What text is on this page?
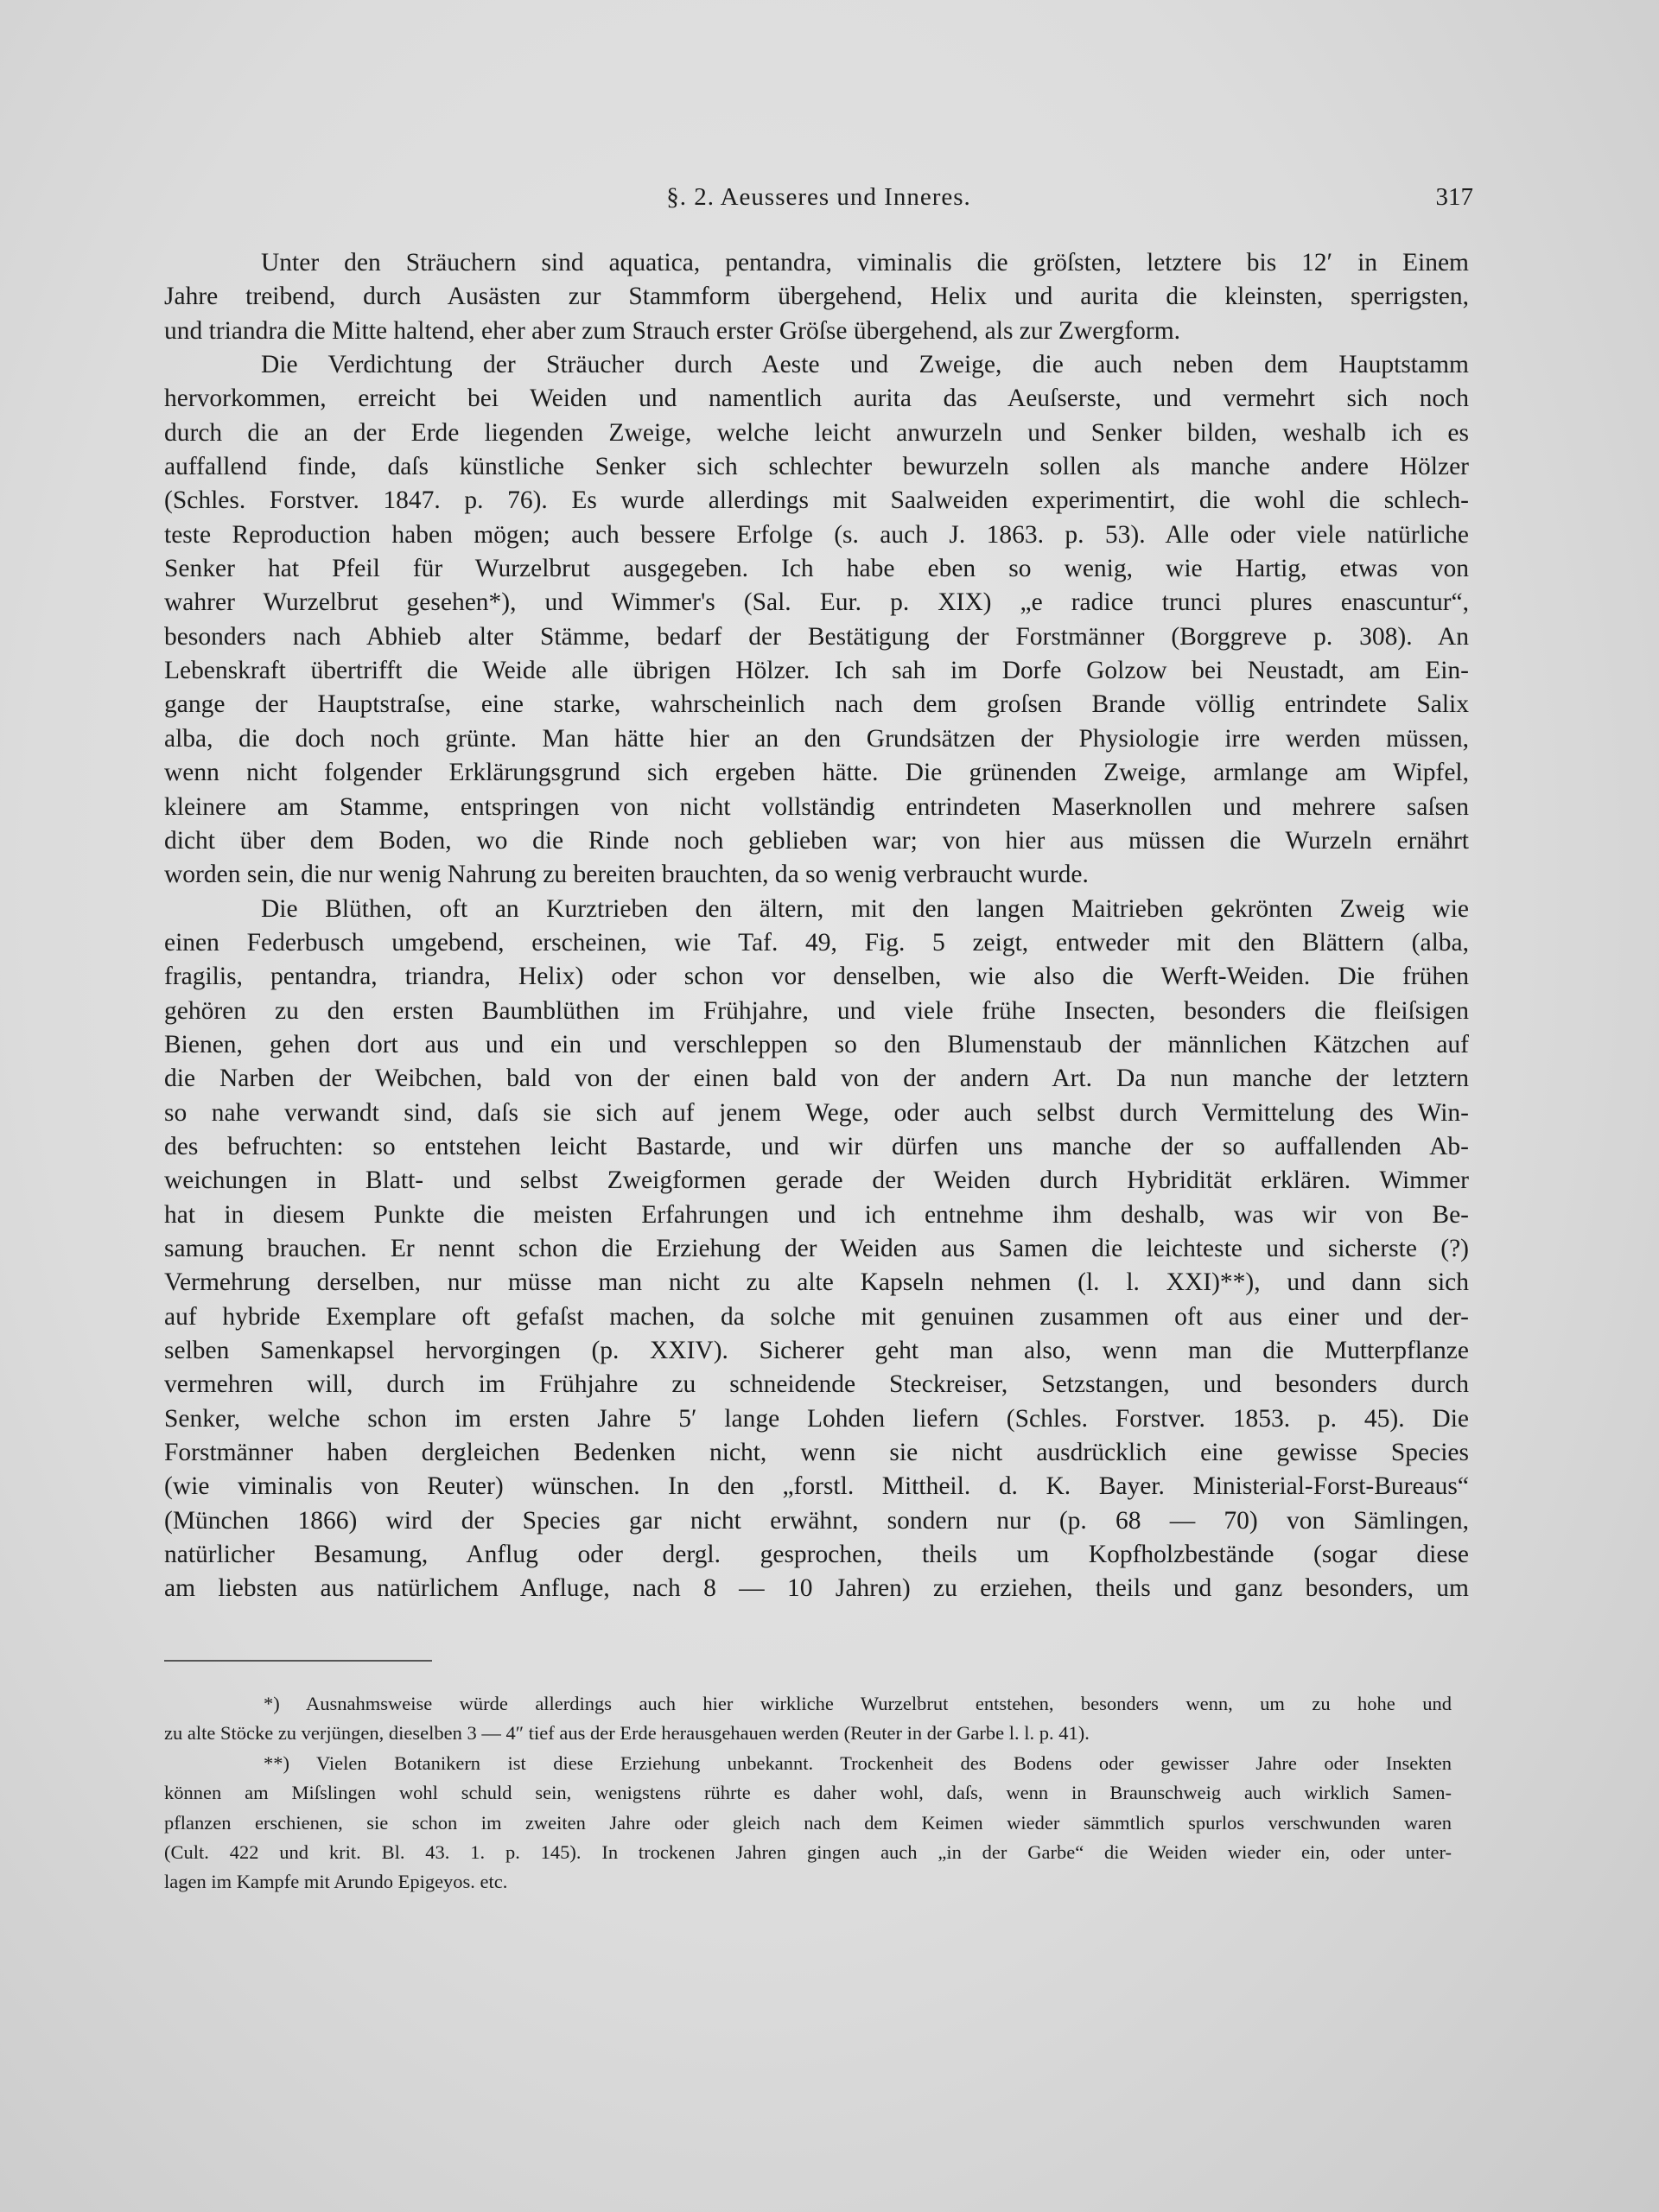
§. 2. Aeusseres und Inneres.	317
Unter den Sträuchern sind aquatica, pentandra, viminalis die gröſsten, letztere bis 12′ in Einem
Jahre treibend, durch Ausästen zur Stammform übergehend, Helix und aurita die kleinsten, sperrigsten,
und triandra die Mitte haltend, eher aber zum Strauch erster Gröſse übergehend, als zur Zwergform.
Die Verdichtung der Sträucher durch Aeste und Zweige, die auch neben dem Hauptstamm
hervorkommen, erreicht bei Weiden und namentlich aurita das Aeuſserste, und vermehrt sich noch
durch die an der Erde liegenden Zweige, welche leicht anwurzeln und Senker bilden, weshalb ich es
auffallend finde, daſs künstliche Senker sich schlechter bewurzeln sollen als manche andere Hölzer
(Schles. Forstver. 1847. p. 76). Es wurde allerdings mit Saalweiden experimentirt, die wohl die schlech-
teste Reproduction haben mögen; auch bessere Erfolge (s. auch J. 1863. p. 53). Alle oder viele natürliche
Senker hat Pfeil für Wurzelbrut ausgegeben. Ich habe eben so wenig, wie Hartig, etwas von
wahrer Wurzelbrut gesehen*), und Wimmer's (Sal. Eur. p. XIX) „e radice trunci plures enascuntur“,
besonders nach Abhieb alter Stämme, bedarf der Bestätigung der Forstmänner (Borggreve p. 308). An
Lebenskraft übertrifft die Weide alle übrigen Hölzer. Ich sah im Dorfe Golzow bei Neustadt, am Ein-
gange der Hauptstraſse, eine starke, wahrscheinlich nach dem groſsen Brande völlig entrindete Salix
alba, die doch noch grünte. Man hätte hier an den Grundsätzen der Physiologie irre werden müssen,
wenn nicht folgender Erklärungsgrund sich ergeben hätte. Die grünenden Zweige, armlange am Wipfel,
kleinere am Stamme, entspringen von nicht vollständig entrindeten Maserknollen und mehrere saſsen
dicht über dem Boden, wo die Rinde noch geblieben war; von hier aus müssen die Wurzeln ernährt
worden sein, die nur wenig Nahrung zu bereiten brauchten, da so wenig verbraucht wurde.
Die Blüthen, oft an Kurztrieben den ältern, mit den langen Maitrieben gekrönten Zweig wie
einen Federbusch umgebend, erscheinen, wie Taf. 49, Fig. 5 zeigt, entweder mit den Blättern (alba,
fragilis, pentandra, triandra, Helix) oder schon vor denselben, wie also die Werft-Weiden. Die frühen
gehören zu den ersten Baumblüthen im Frühjahre, und viele frühe Insecten, besonders die fleiſsigen
Bienen, gehen dort aus und ein und verschleppen so den Blumenstaub der männlichen Kätzchen auf
die Narben der Weibchen, bald von der einen bald von der andern Art. Da nun manche der letztern
so nahe verwandt sind, daſs sie sich auf jenem Wege, oder auch selbst durch Vermittelung des Win-
des befruchten: so entstehen leicht Bastarde, und wir dürfen uns manche der so auffallenden Ab-
weichungen in Blatt- und selbst Zweigformen gerade der Weiden durch Hybridität erklären. Wimmer
hat in diesem Punkte die meisten Erfahrungen und ich entnehme ihm deshalb, was wir von Be-
samung brauchen. Er nennt schon die Erziehung der Weiden aus Samen die leichteste und sicherste (?)
Vermehrung derselben, nur müsse man nicht zu alte Kapseln nehmen (l. l. XXI)**), und dann sich
auf hybride Exemplare oft gefaſst machen, da solche mit genuinen zusammen oft aus einer und der-
selben Samenkapsel hervorgingen (p. XXIV). Sicherer geht man also, wenn man die Mutterpflanze
vermehren will, durch im Frühjahre zu schneidende Steckreiser, Setzstangen, und besonders durch
Senker, welche schon im ersten Jahre 5′ lange Lohden liefern (Schles. Forstver. 1853. p. 45). Die
Forstmänner haben dergleichen Bedenken nicht, wenn sie nicht ausdrücklich eine gewisse Species
(wie viminalis von Reuter) wünschen. In den „forstl. Mittheil. d. K. Bayer. Ministerial-Forst-Bureaus“
(München 1866) wird der Species gar nicht erwähnt, sondern nur (p. 68 — 70) von Sämlingen,
natürlicher Besamung, Anflug oder dergl. gesprochen, theils um Kopfholzbestände (sogar diese
am liebsten aus natürlichem Anfluge, nach 8 — 10 Jahren) zu erziehen, theils und ganz besonders, um
*) Ausnahmsweise würde allerdings auch hier wirkliche Wurzelbrut entstehen, besonders wenn, um zu hohe und
zu alte Stöcke zu verjüngen, dieselben 3 — 4″ tief aus der Erde herausgehauen werden (Reuter in der Garbe l. l. p. 41).
**) Vielen Botanikern ist diese Erziehung unbekannt. Trockenheit des Bodens oder gewisser Jahre oder Insekten
können am Miſslingen wohl schuld sein, wenigstens rührte es daher wohl, daſs, wenn in Braunschweig auch wirklich Samen-
pflanzen erschienen, sie schon im zweiten Jahre oder gleich nach dem Keimen wieder sämmtlich spurlos verschwunden waren
(Cult. 422 und krit. Bl. 43. 1. p. 145). In trockenen Jahren gingen auch „in der Garbe“ die Weiden wieder ein, oder unter-
lagen im Kampfe mit Arundo Epigeyos. etc.
